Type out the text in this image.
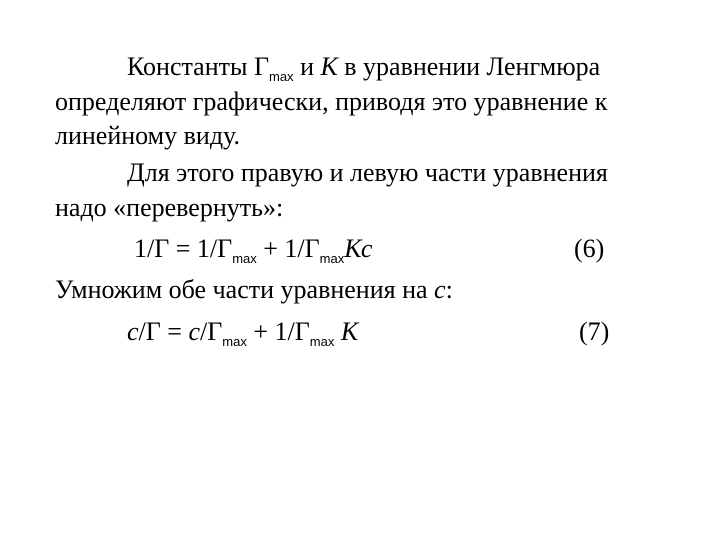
Константы $Г_{max}$ и К в уравнении Ленгмюра
определяют графически, приводя это уравнение к
линейному виду.
Для этого правую и левую части уравнения
надо «перевернуть»:
$1/Г = 1/Г_{max} + 1/Г_{max}Кс$	(6)
Умножим обе части уравнения на с:
$с/Г = с/Г_{max} + 1/Г_{max}$ К	(7)
